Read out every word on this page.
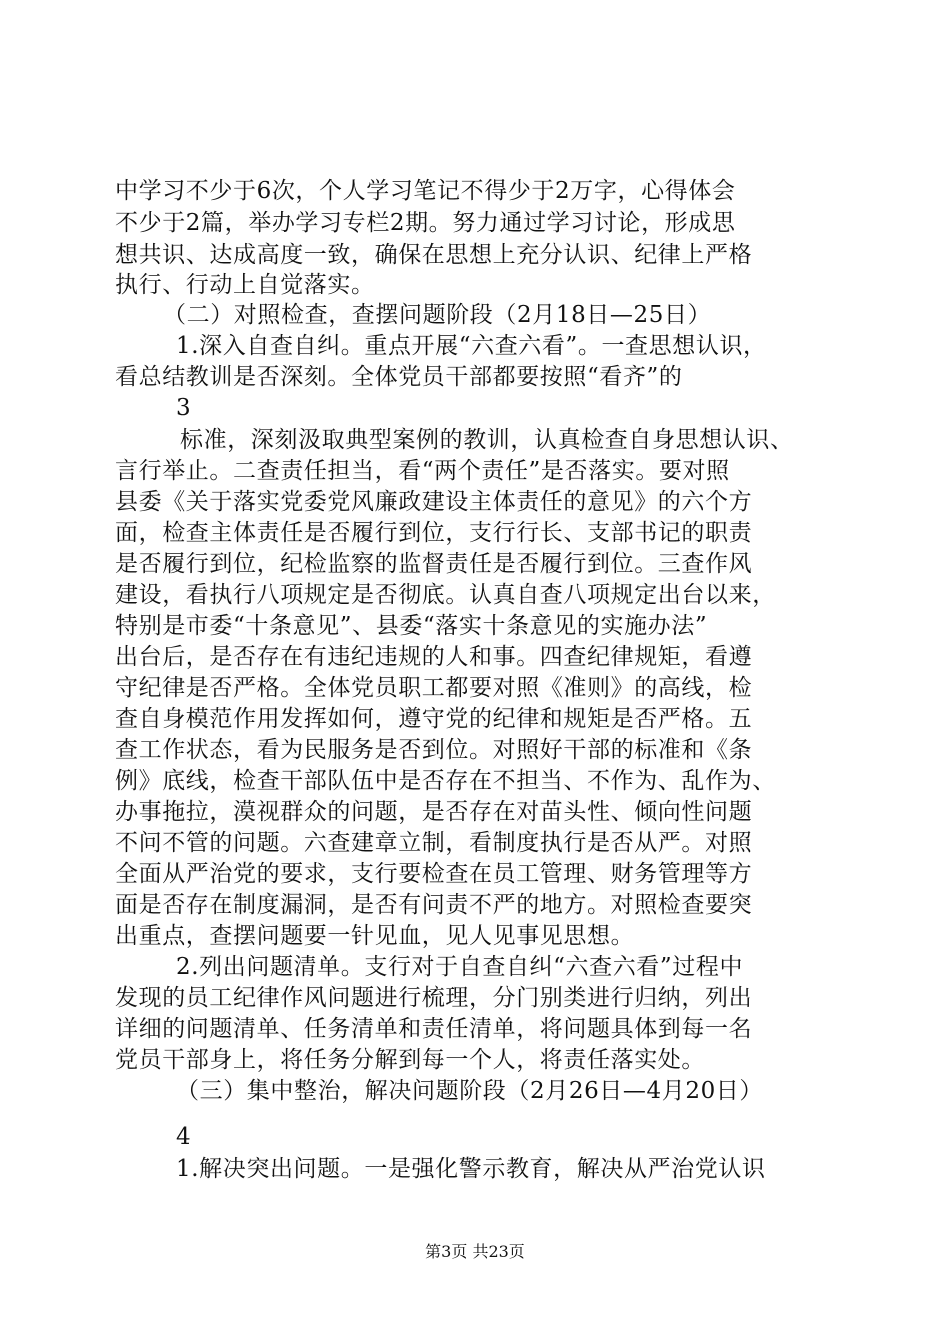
中学习不少于6次，个人学习笔记不得少于2万字，心得体会
不少于2篇，举办学习专栏2期。努力通过学习讨论，形成思
想共识、达成高度一致，确保在思想上充分认识、纪律上严格
执行、行动上自觉落实。
（二）对照检查，查摆问题阶段（2月18日—25日）
1.深入自查自纠。重点开展“六查六看”。一查思想认识，
看总结教训是否深刻。全体党员干部都要按照“看齐”的
3
标准，深刻汲取典型案例的教训，认真检查自身思想认识、
言行举止。二查责任担当，看“两个责任”是否落实。要对照
县委《关于落实党委党风廉政建设主体责任的意见》的六个方
面，检查主体责任是否履行到位，支行行长、支部书记的职责
是否履行到位，纪检监察的监督责任是否履行到位。三查作风
建设，看执行八项规定是否彻底。认真自查八项规定出台以来，
特别是市委“十条意见”、县委“落实十条意见的实施办法”
出台后，是否存在有违纪违规的人和事。四查纪律规矩，看遵
守纪律是否严格。全体党员职工都要对照《准则》的高线，检
查自身模范作用发挥如何，遵守党的纪律和规矩是否严格。五
查工作状态，看为民服务是否到位。对照好干部的标准和《条
例》底线，检查干部队伍中是否存在不担当、不作为、乱作为、
办事拖拉，漠视群众的问题，是否存在对苗头性、倾向性问题
不问不管的问题。六查建章立制，看制度执行是否从严。对照
全面从严治党的要求，支行要检查在员工管理、财务管理等方
面是否存在制度漏洞，是否有问责不严的地方。对照检查要突
出重点，查摆问题要一针见血，见人见事见思想。
2.列出问题清单。支行对于自查自纠“六查六看”过程中
发现的员工纪律作风问题进行梳理，分门别类进行归纳，列出
详细的问题清单、任务清单和责任清单，将问题具体到每一名
党员干部身上，将任务分解到每一个人，将责任落实处。
（三）集中整治，解决问题阶段（2月26日—4月20日）
4
1.解决突出问题。一是强化警示教育，解决从严治党认识
第3页 共23页
